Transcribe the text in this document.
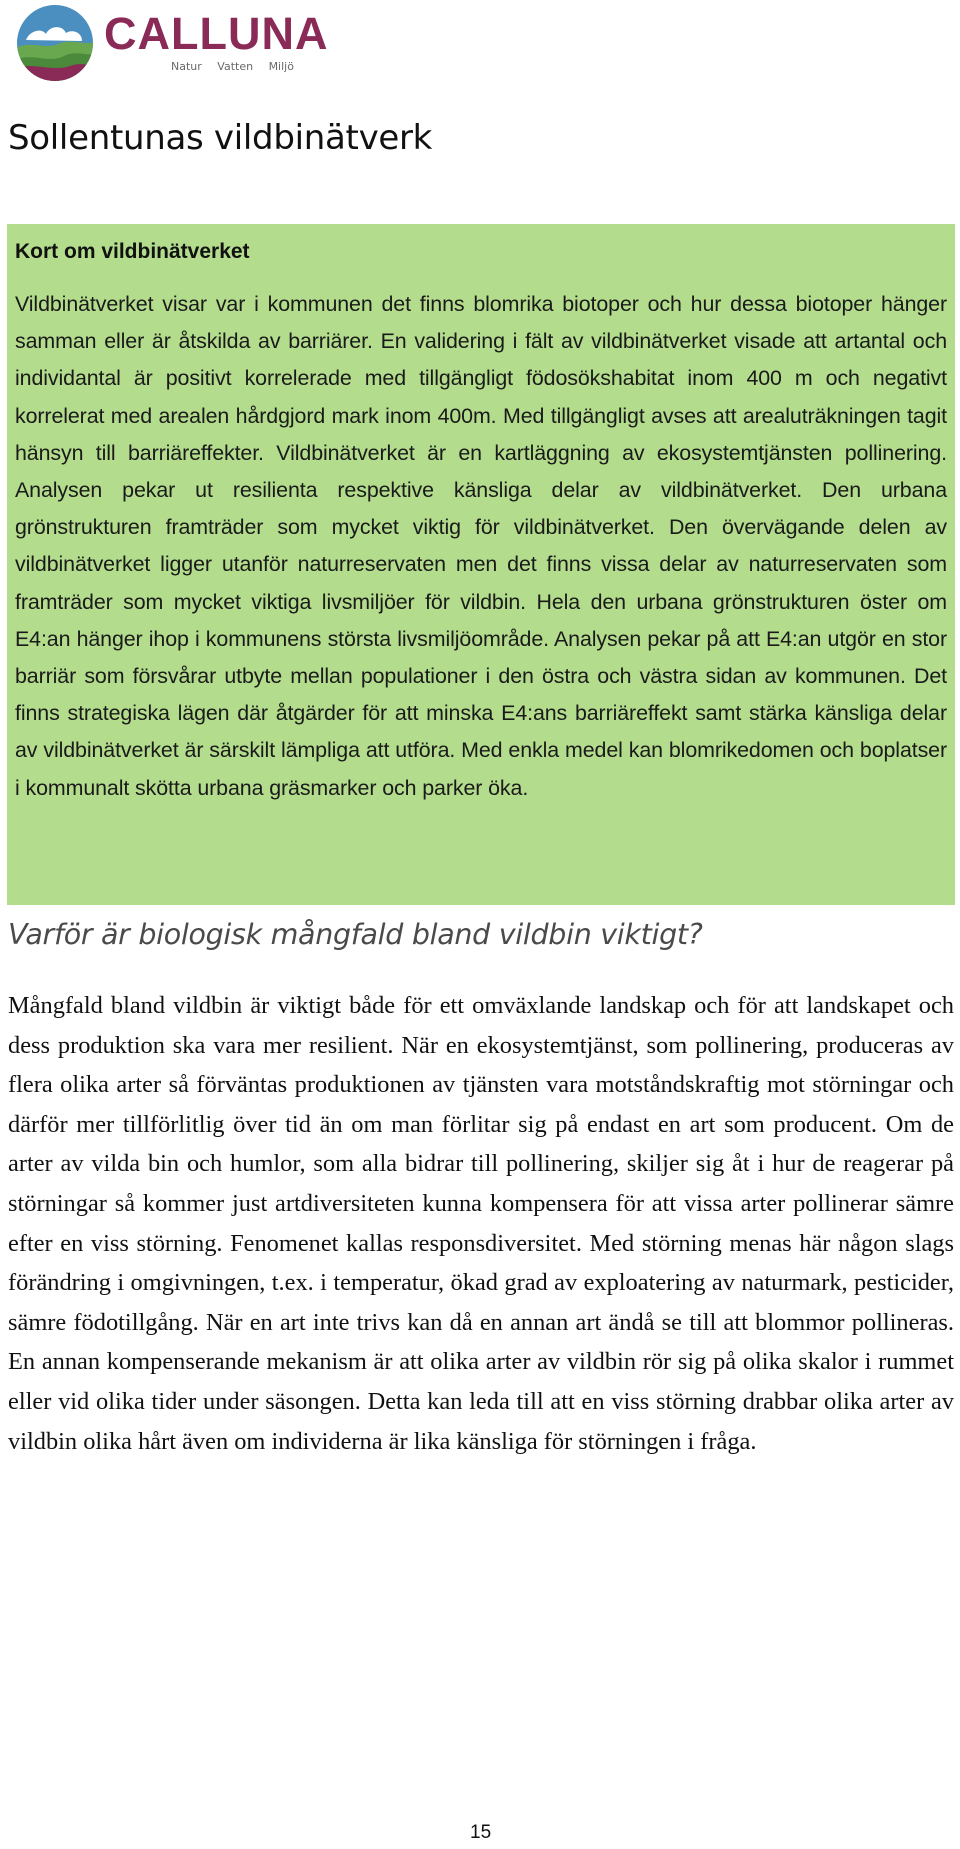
CALLUNA
Natur Vatten Miljö
Sollentunas vildbinätverk

Kort om vildbinätverket

Vildbinätverket visar var i kommunen det finns blomrika biotoper och hur dessa biotoper hänger samman eller är åtskilda av barriärer. En validering i fält av vildbinätverket visade att artantal och individantal är positivt korrelerade med tillgängligt födosökshabitat inom 400 m och negativt korrelerat med arealen hårdgjord mark inom 400m. Med tillgängligt avses att arealuträkningen tagit hänsyn till barriäreffekter. Vildbinätverket är en kartläggning av ekosystemtjänsten pollinering. Analysen pekar ut resilienta respektive känsliga delar av vildbinätverket. Den urbana grönstrukturen framträder som mycket viktig för vildbinätverket. Den övervägande delen av vildbinätverket ligger utanför naturreservaten men det finns vissa delar av naturreservaten som framträder som mycket viktiga livsmiljöer för vildbin. Hela den urbana grönstrukturen öster om E4:an hänger ihop i kommunens största livsmiljöområde. Analysen pekar på att E4:an utgör en stor barriär som försvårar utbyte mellan populationer i den östra och västra sidan av kommunen. Det finns strategiska lägen där åtgärder för att minska E4:ans barriäreffekt samt stärka känsliga delar av vildbinätverket är särskilt lämpliga att utföra. Med enkla medel kan blomrikedomen och boplatser i kommunalt skötta urbana gräsmarker och parker öka.

Varför är biologisk mångfald bland vildbin viktigt?

Mångfald bland vildbin är viktigt både för ett omväxlande landskap och för att landskapet och dess produktion ska vara mer resilient. När en ekosystemtjänst, som pollinering, produceras av flera olika arter så förväntas produktionen av tjänsten vara motståndskraftig mot störningar och därför mer tillförlitlig över tid än om man förlitar sig på endast en art som producent. Om de arter av vilda bin och humlor, som alla bidrar till pollinering, skiljer sig åt i hur de reagerar på störningar så kommer just artdiversiteten kunna kompensera för att vissa arter pollinerar sämre efter en viss störning. Fenomenet kallas responsdiversitet. Med störning menas här någon slags förändring i omgivningen, t.ex. i temperatur, ökad grad av exploatering av naturmark, pesticider, sämre födotillgång. När en art inte trivs kan då en annan art ändå se till att blommor pollineras. En annan kompenserande mekanism är att olika arter av vildbin rör sig på olika skalor i rummet eller vid olika tider under säsongen. Detta kan leda till att en viss störning drabbar olika arter av vildbin olika hårt även om individerna är lika känsliga för störningen i fråga.

15
